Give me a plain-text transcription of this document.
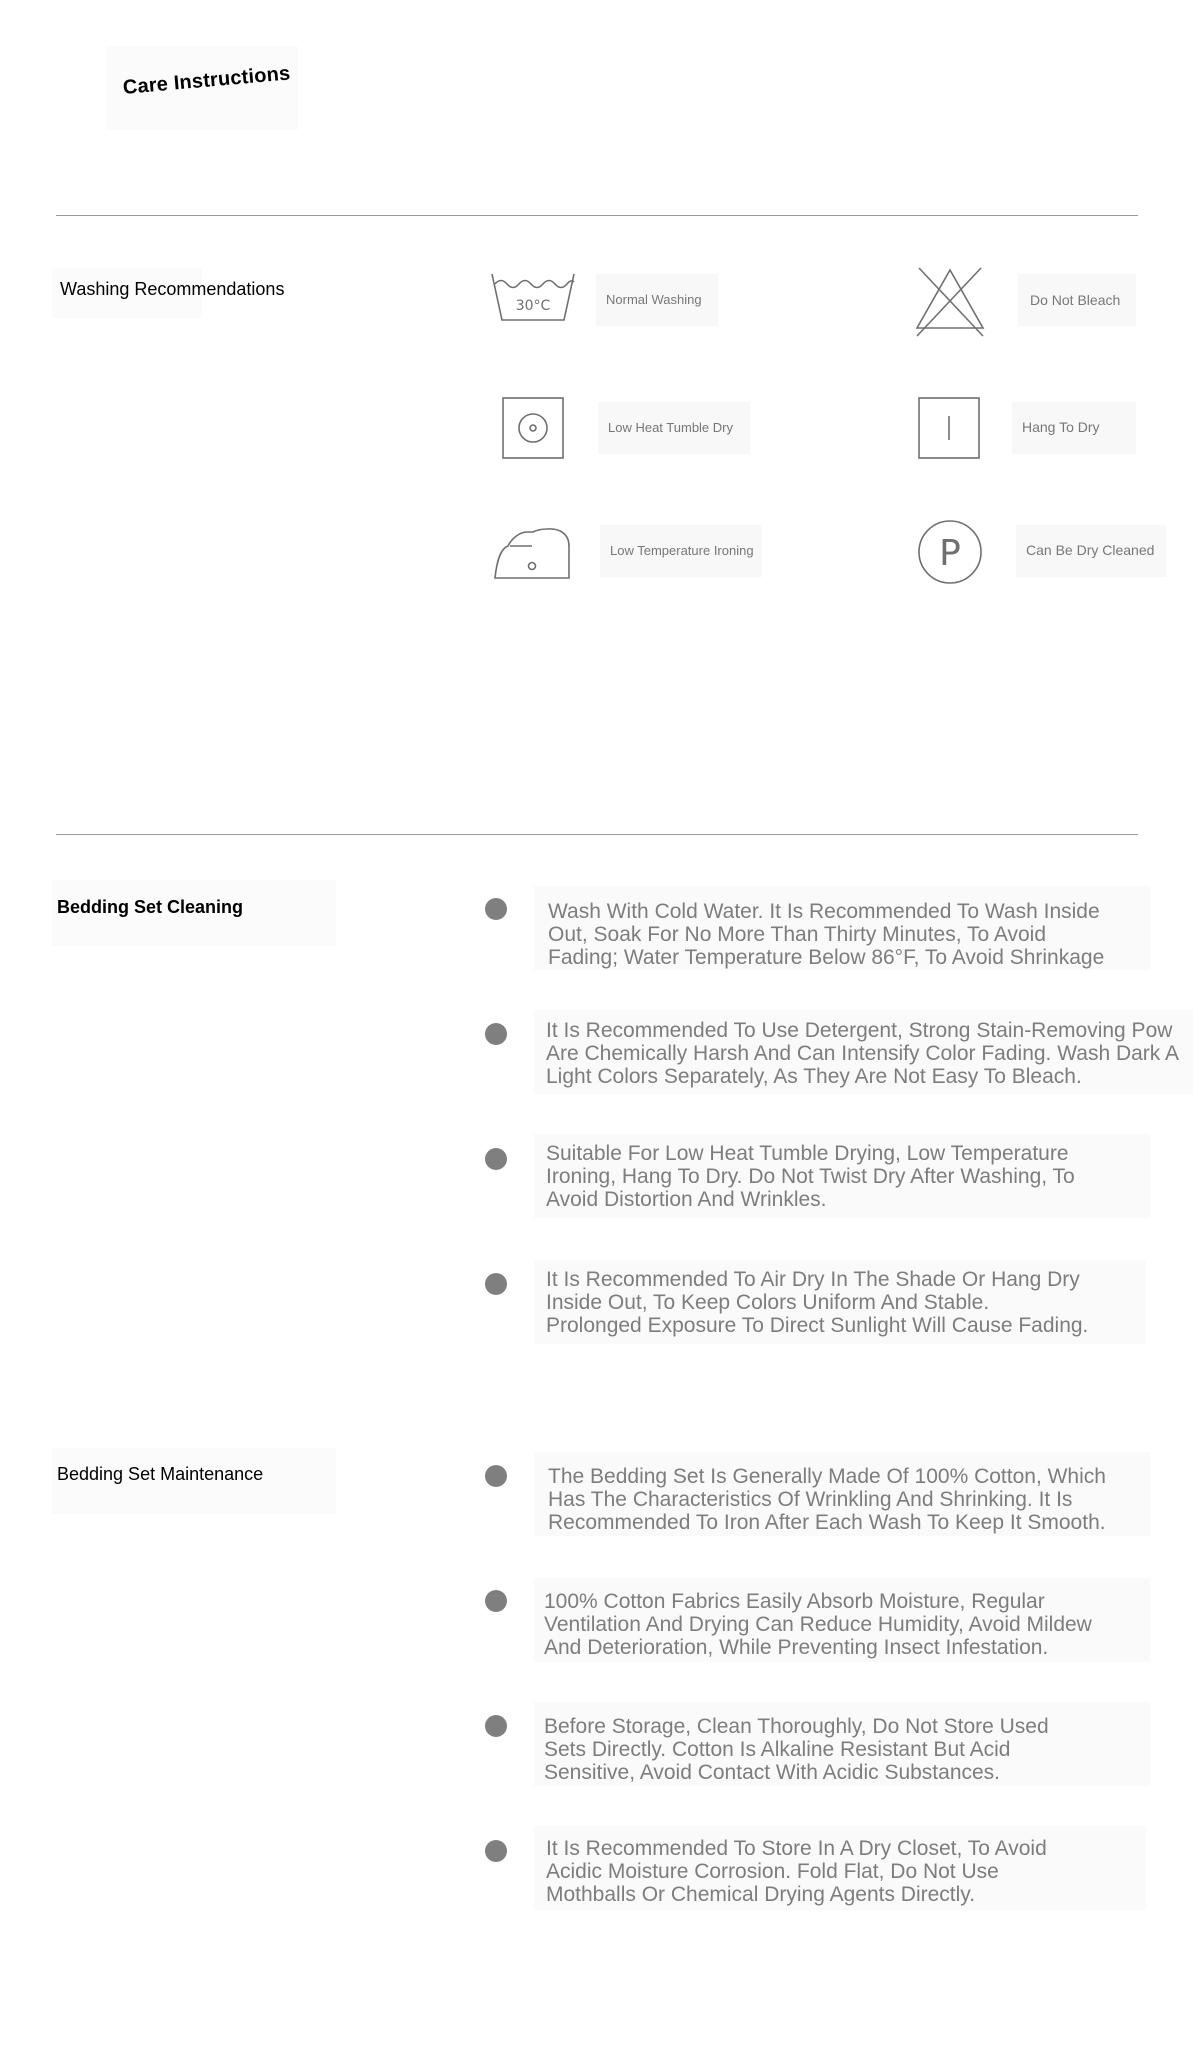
Care Instructions
Washing Recommendations
30°C	Normal Washing	Do Not Bleach
Low Heat Tumble Dry	Hang To Dry
Low Temperature Ironing	P	Can Be Dry Cleaned
Bedding Set Cleaning	Wash With Cold Water. It Is Recommended To Wash Inside
Out, Soak For No More Than Thirty Minutes, To Avoid
Fading; Water Temperature Below 86°F, To Avoid Shrinkage
It Is Recommended To Use Detergent, Strong Stain-Removing Pow
Are Chemically Harsh And Can Intensify Color Fading. Wash Dark A
Light Colors Separately, As They Are Not Easy To Bleach.
Suitable For Low Heat Tumble Drying, Low Temperature
Ironing, Hang To Dry. Do Not Twist Dry After Washing, To
Avoid Distortion And Wrinkles.
It Is Recommended To Air Dry In The Shade Or Hang Dry
Inside Out, To Keep Colors Uniform And Stable.
Prolonged Exposure To Direct Sunlight Will Cause Fading.
Bedding Set Maintenance	The Bedding Set Is Generally Made Of 100% Cotton, Which
Has The Characteristics Of Wrinkling And Shrinking. It Is
Recommended To Iron After Each Wash To Keep It Smooth.
100% Cotton Fabrics Easily Absorb Moisture, Regular
Ventilation And Drying Can Reduce Humidity, Avoid Mildew
And Deterioration, While Preventing Insect Infestation.
Before Storage, Clean Thoroughly, Do Not Store Used
Sets Directly. Cotton Is Alkaline Resistant But Acid
Sensitive, Avoid Contact With Acidic Substances.
It Is Recommended To Store In A Dry Closet, To Avoid
Acidic Moisture Corrosion. Fold Flat, Do Not Use
Mothballs Or Chemical Drying Agents Directly.
